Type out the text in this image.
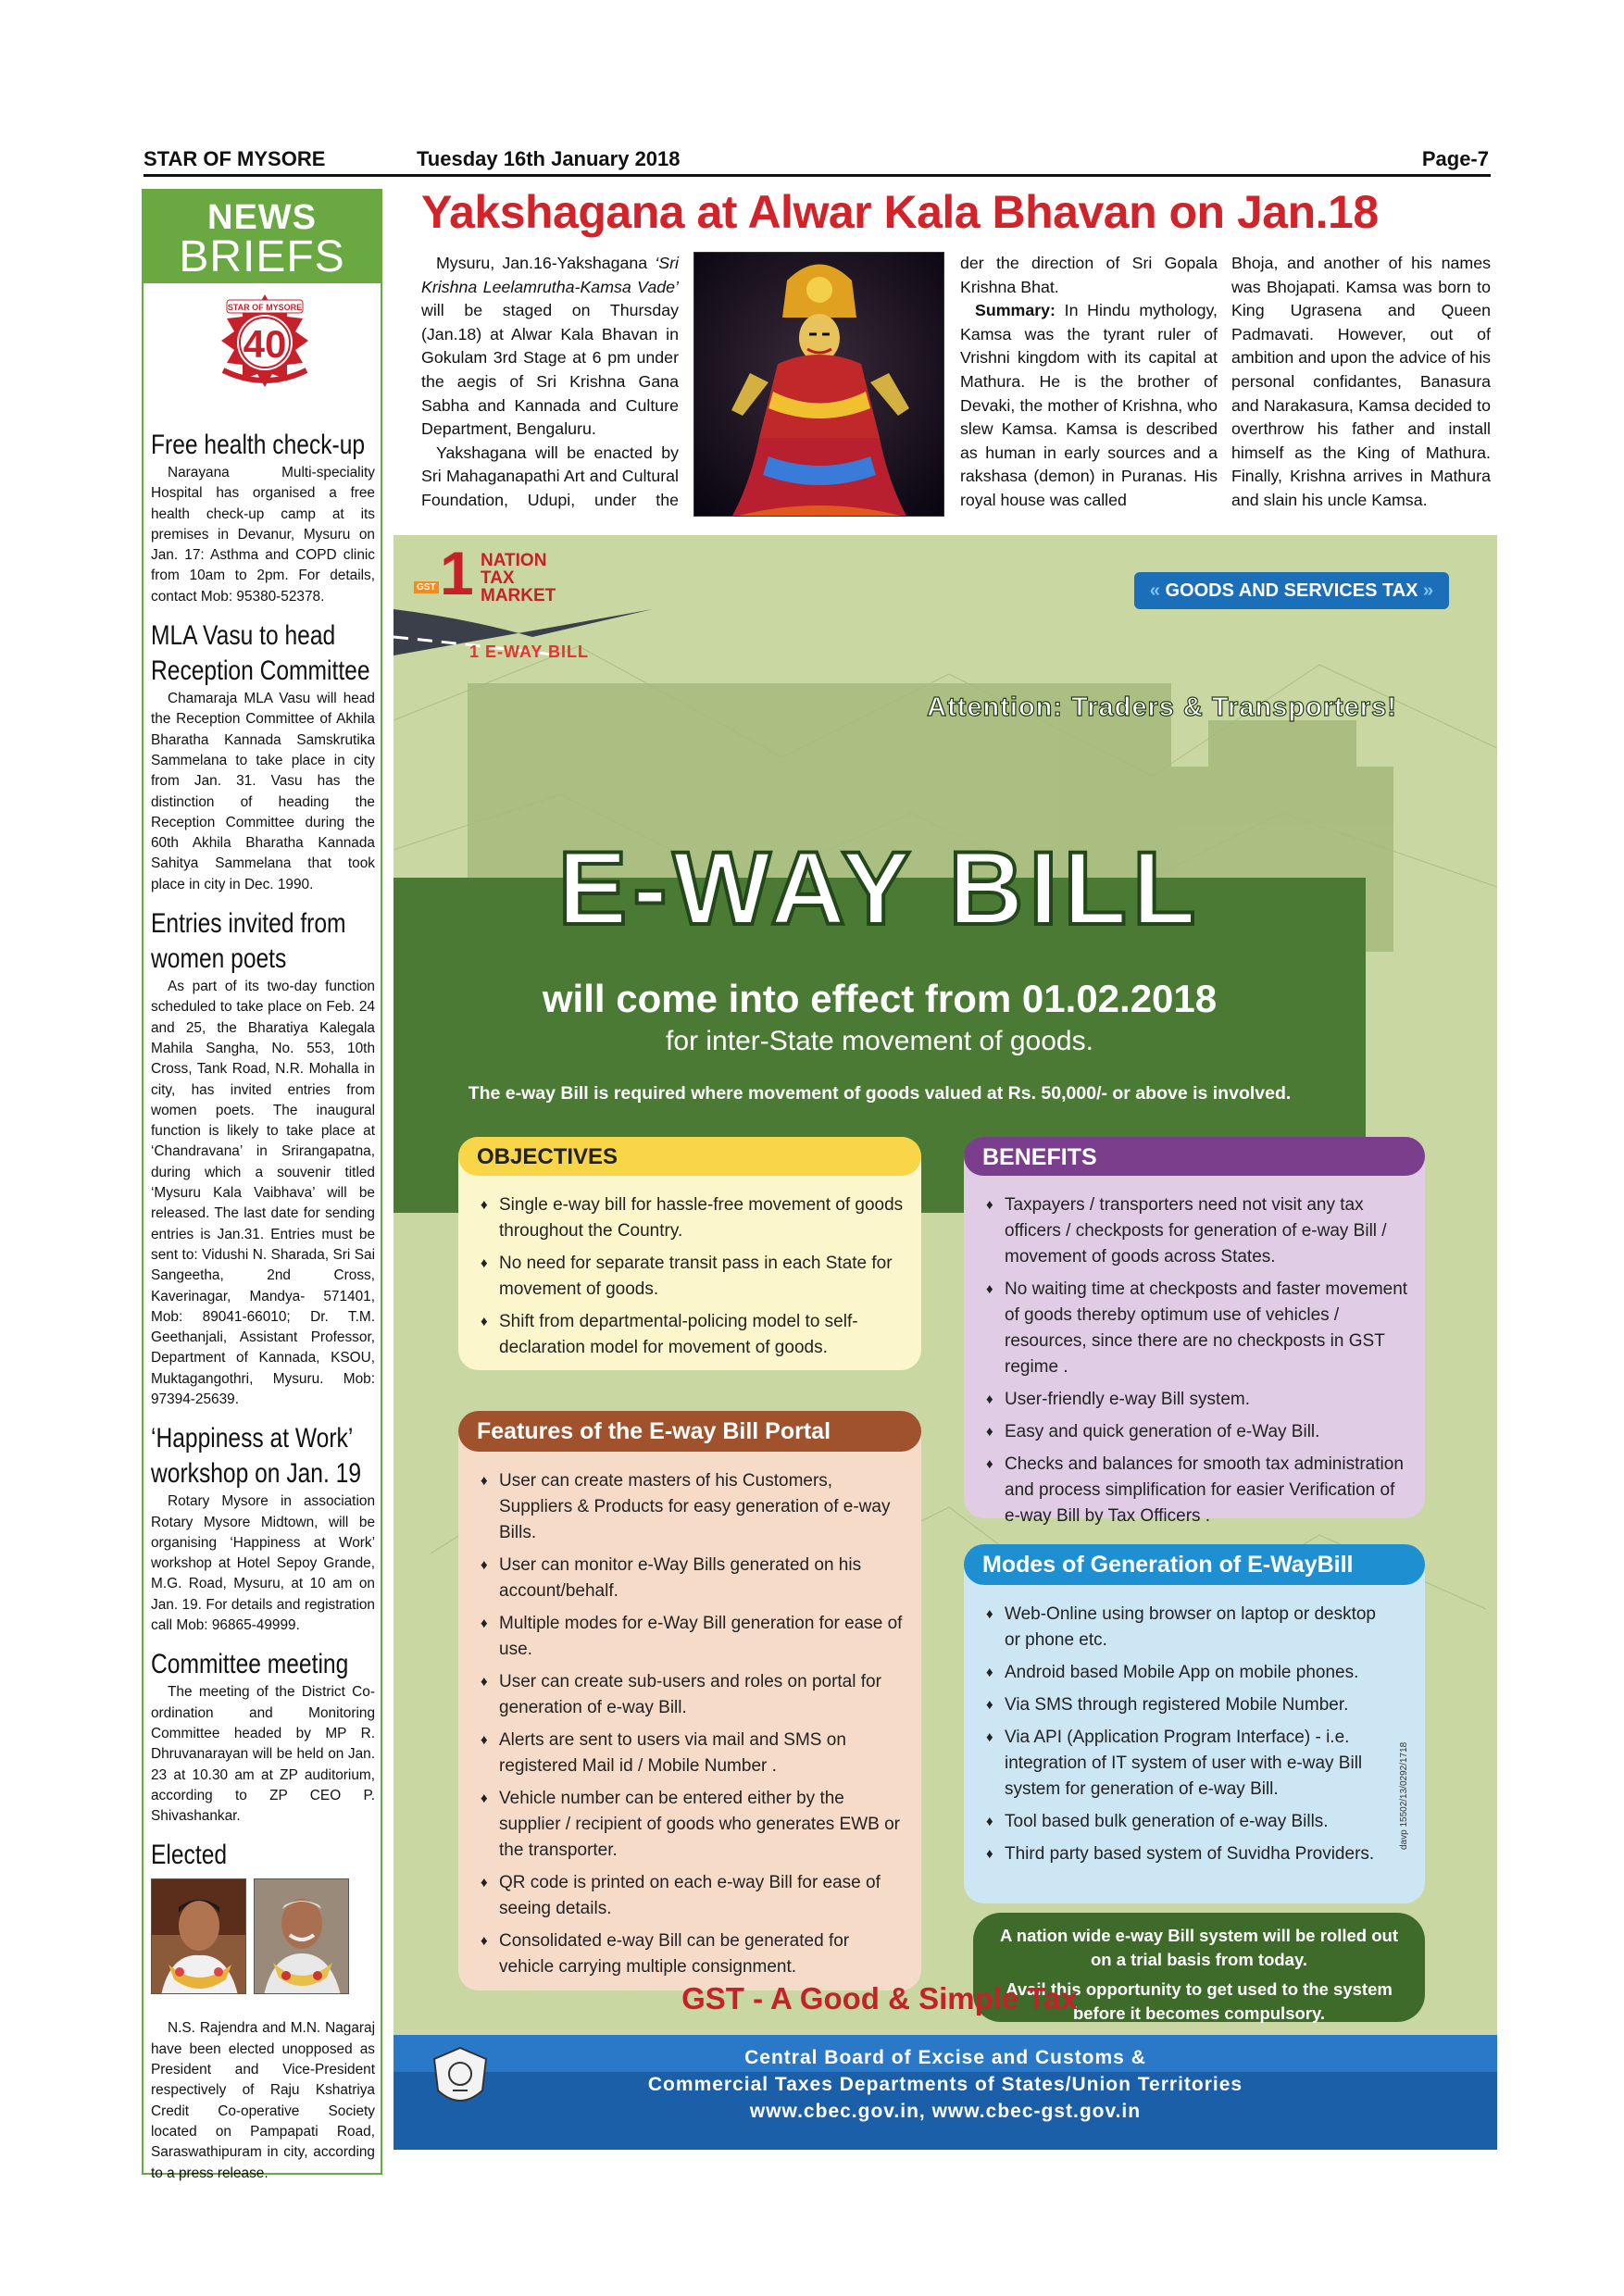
STAR OF MYSORE	Tuesday 16th January 2018	Page-7
NEWS
BRIEFS
STAR OF MYSORE
40
Free health check-up
Narayana Multi-speciality Hospital has organised a free health check-up camp at its premises in Devanur, Mysuru on Jan. 17: Asthma and COPD clinic from 10am to 2pm. For details, contact Mob: 95380-52378.
MLA Vasu to head Reception Committee
Chamaraja MLA Vasu will head the Reception Committee of Akhila Bharatha Kannada Samskrutika Sammelana to take place in city from Jan. 31. Vasu has the distinction of heading the Reception Committee during the 60th Akhila Bharatha Kannada Sahitya Sammelana that took place in city in Dec. 1990.
Entries invited from women poets
As part of its two-day function scheduled to take place on Feb. 24 and 25, the Bharatiya Kalegala Mahila Sangha, No. 553, 10th Cross, Tank Road, N.R. Mohalla in city, has invited entries from women poets. The inaugural function is likely to take place at ‘Chandravana’ in Srirangapatna, during which a souvenir titled ‘Mysuru Kala Vaibhava’ will be released. The last date for sending entries is Jan.31. Entries must be sent to: Vidushi N. Sharada, Sri Sai Sangeetha, 2nd Cross, Kaverinagar, Mandya- 571401, Mob: 89041-66010; Dr. T.M. Geethanjali, Assistant Professor, Department of Kannada, KSOU, Muktagangothri, Mysuru. Mob: 97394-25639.
‘Happiness at Work’ workshop on Jan. 19
Rotary Mysore in association Rotary Mysore Midtown, will be organising ‘Happiness at Work’ workshop at Hotel Sepoy Grande, M.G. Road, Mysuru, at 10 am on Jan. 19. For details and registration call Mob: 96865-49999.
Committee meeting
The meeting of the District Co-ordination and Monitoring Committee headed by MP R. Dhruvanarayan will be held on Jan. 23 at 10.30 am at ZP auditorium, according to ZP CEO P. Shivashankar.
Elected
N.S. Rajendra and M.N. Nagaraj have been elected unopposed as President and Vice-President respectively of Raju Kshatriya Credit Co-operative Society located on Pampapati Road, Saraswathipuram in city, according to a press release.
Yakshagana at Alwar Kala Bhavan on Jan.18

Mysuru, Jan.16-Yakshagana ‘Sri Krishna Leelamrutha-Kamsa Vade’ will be staged on Thursday (Jan.18) at Alwar Kala Bhavan in Gokulam 3rd Stage at 6 pm under the aegis of Sri Krishna Gana Sabha and Kannada and Culture Department, Bengaluru.

Yakshagana will be enacted by Sri Mahaganapathi Art and Cultural Foundation, Udupi, under the

der the direction of Sri Gopala Krishna Bhat.

Summary: In Hindu mythology, Kamsa was the tyrant ruler of Vrishni kingdom with its capital at Mathura. He is the brother of Devaki, the mother of Krishna, who slew Kamsa. Kamsa is described as human in early sources and a rakshasa (demon) in Puranas. His royal house was called

Bhoja, and another of his names was Bhojapati. Kamsa was born to King Ugrasena and Queen Padmavati. However, out of ambition and upon the advice of his personal confidantes, Banasura and Narakasura, Kamsa decided to overthrow his father and install himself as the King of Mathura. Finally, Krishna arrives in Mathura and slain his uncle Kamsa.

1
GST
NATION
TAX
MARKET
1 E-WAY BILL
« GOODS AND SERVICES TAX »
Attention: Traders & Transporters!
E-WAY BILL
will come into effect from 01.02.2018
for inter-State movement of goods.
The e-way Bill is required where movement of goods valued at Rs. 50,000/- or above is involved.
OBJECTIVES
♦ Single e-way bill for hassle-free movement of goods throughout the Country.
♦ No need for separate transit pass in each State for movement of goods.
♦ Shift from departmental-policing model to self-declaration model for movement of goods.
BENEFITS
♦ Taxpayers / transporters need not visit any tax officers / checkposts for generation of e-way Bill / movement of goods across States.
♦ No waiting time at checkposts and faster movement of goods thereby optimum use of vehicles / resources, since there are no checkposts in GST regime .
♦ User-friendly e-way Bill system.
♦ Easy and quick generation of e-Way Bill.
♦ Checks and balances for smooth tax administration and process simplification for easier Verification of e-way Bill by Tax Officers .
Features of the E-way Bill Portal
♦ User can create masters of his Customers, Suppliers & Products for easy generation of e-way Bills.
♦ User can monitor e-Way Bills generated on his account/behalf.
♦ Multiple modes for e-Way Bill generation for ease of use.
♦ User can create sub-users and roles on portal for generation of e-way Bill.
♦ Alerts are sent to users via mail and SMS on registered Mail id / Mobile Number .
♦ Vehicle number can be entered either by the supplier / recipient of goods who generates EWB or the transporter.
♦ QR code is printed on each e-way Bill for ease of seeing details.
♦ Consolidated e-way Bill can be generated for vehicle carrying multiple consignment.
Modes of Generation of E-WayBill
♦ Web-Online using browser on laptop or desktop or phone etc.
♦ Android based Mobile App on mobile phones.
♦ Via SMS through registered Mobile Number.
♦ Via API (Application Program Interface) - i.e. integration of IT system of user with e-way Bill system for generation of e-way Bill.
♦ Tool based bulk generation of e-way Bills.
♦ Third party based system of Suvidha Providers.
davp 15502/13/0292/1718
A nation wide e-way Bill system will be rolled out on a trial basis from today.
Avail this opportunity to get used to the system before it becomes compulsory.
GST - A Good & Simple Tax
Central Board of Excise and Customs &
Commercial Taxes Departments of States/Union Territories
www.cbec.gov.in, www.cbec-gst.gov.in
